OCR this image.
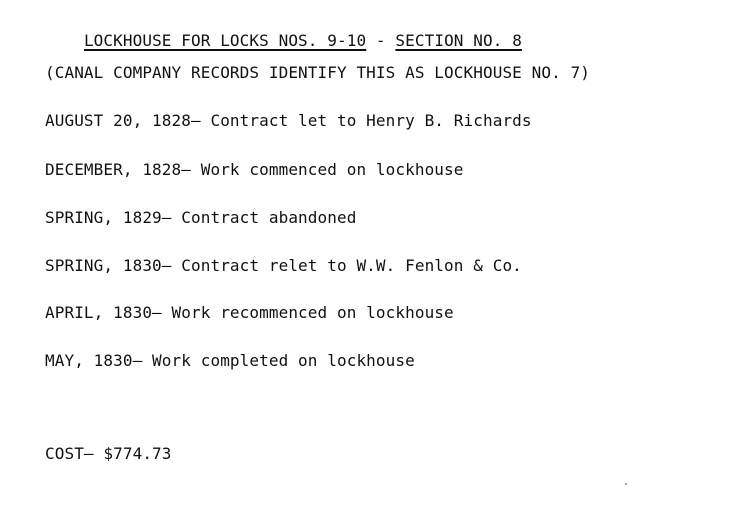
LOCKHOUSE FOR LOCKS NOS. 9-10 - SECTION NO. 8

(CANAL COMPANY RECORDS IDENTIFY THIS AS LOCKHOUSE NO. 7)
AUGUST 20, 1828— Contract let to Henry B. Richards
DECEMBER, 1828— Work commenced on lockhouse
SPRING, 1829— Contract abandoned
SPRING, 1830— Contract relet to W.W. Fenlon & Co.
APRIL, 1830— Work recommenced on lockhouse
MAY, 1830— Work completed on lockhouse
COST— $774.73
